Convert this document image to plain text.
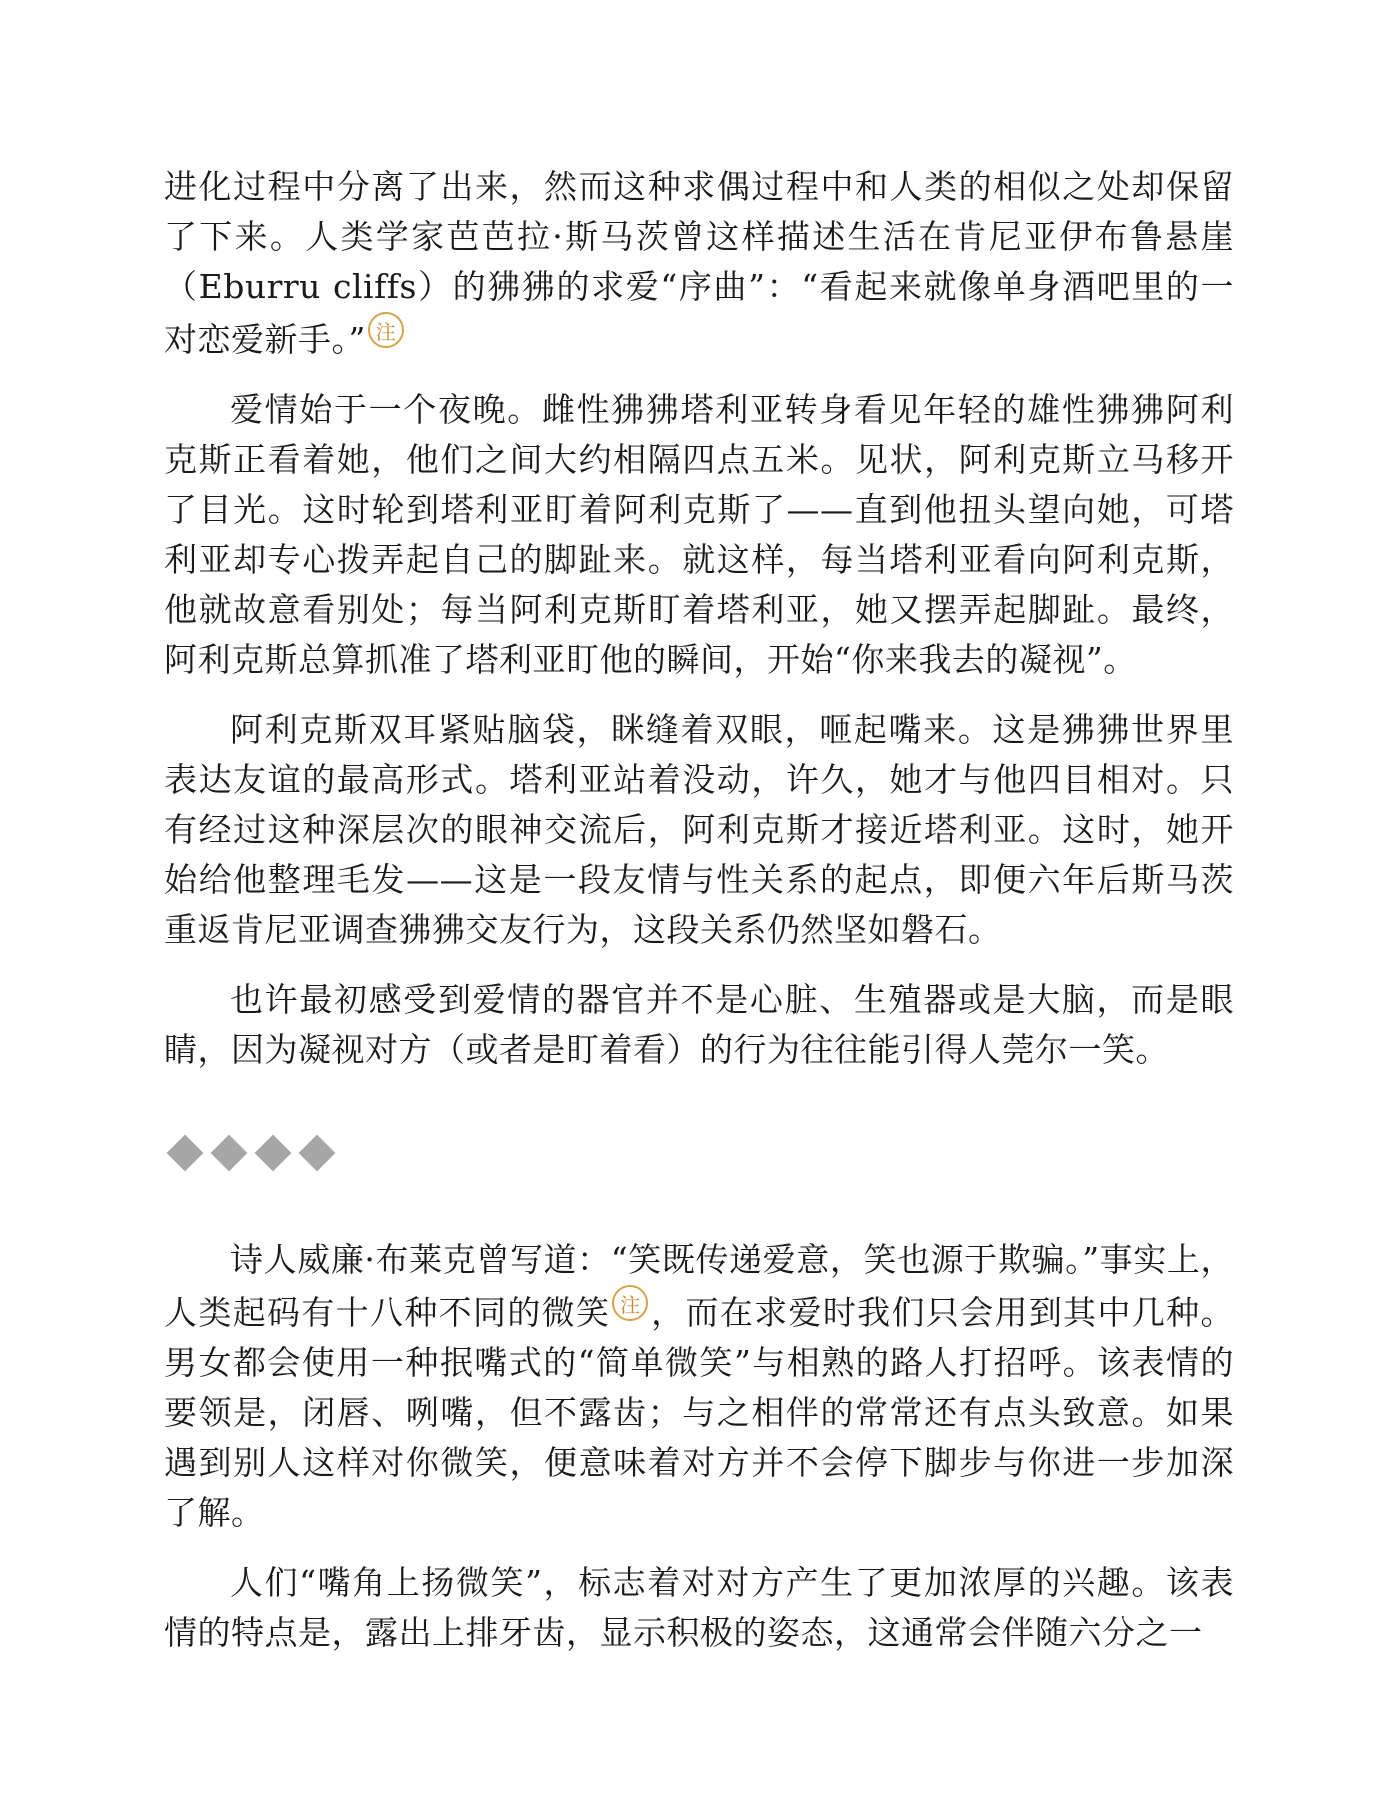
进化过程中分离了出来，然而这种求偶过程中和人类的相似之处却保留了下来。人类学家芭芭拉·斯马茨曾这样描述生活在肯尼亚伊布鲁悬崖（Eburru cliffs）的狒狒的求爱“序曲”：“看起来就像单身酒吧里的一对恋爱新手。” 注

爱情始于一个夜晚。雌性狒狒塔利亚转身看见年轻的雄性狒狒阿利克斯正看着她，他们之间大约相隔四点五米。见状，阿利克斯立马移开了目光。这时轮到塔利亚盯着阿利克斯了——直到他扭头望向她，可塔利亚却专心拨弄起自己的脚趾来。就这样，每当塔利亚看向阿利克斯，他就故意看别处；每当阿利克斯盯着塔利亚，她又摆弄起脚趾。最终，阿利克斯总算抓准了塔利亚盯他的瞬间，开始“你来我去的凝视”。

阿利克斯双耳紧贴脑袋，眯缝着双眼，咂起嘴来。这是狒狒世界里表达友谊的最高形式。塔利亚站着没动，许久，她才与他四目相对。只有经过这种深层次的眼神交流后，阿利克斯才接近塔利亚。这时，她开始给他整理毛发——这是一段友情与性关系的起点，即便六年后斯马茨重返肯尼亚调查狒狒交友行为，这段关系仍然坚如磐石。

也许最初感受到爱情的器官并不是心脏、生殖器或是大脑，而是眼睛，因为凝视对方（或者是盯着看）的行为往往能引得人莞尔一笑。

诗人威廉·布莱克曾写道：“笑既传递爱意，笑也源于欺骗。”事实上，人类起码有十八种不同的微笑 注 ，而在求爱时我们只会用到其中几种。男女都会使用一种抿嘴式的“简单微笑”与相熟的路人打招呼。该表情的要领是，闭唇、咧嘴，但不露齿；与之相伴的常常还有点头致意。如果遇到别人这样对你微笑，便意味着对方并不会停下脚步与你进一步加深了解。

人们“嘴角上扬微笑”，标志着对对方产生了更加浓厚的兴趣。该表情的特点是，露出上排牙齿，显示积极的姿态，这通常会伴随六分之一
